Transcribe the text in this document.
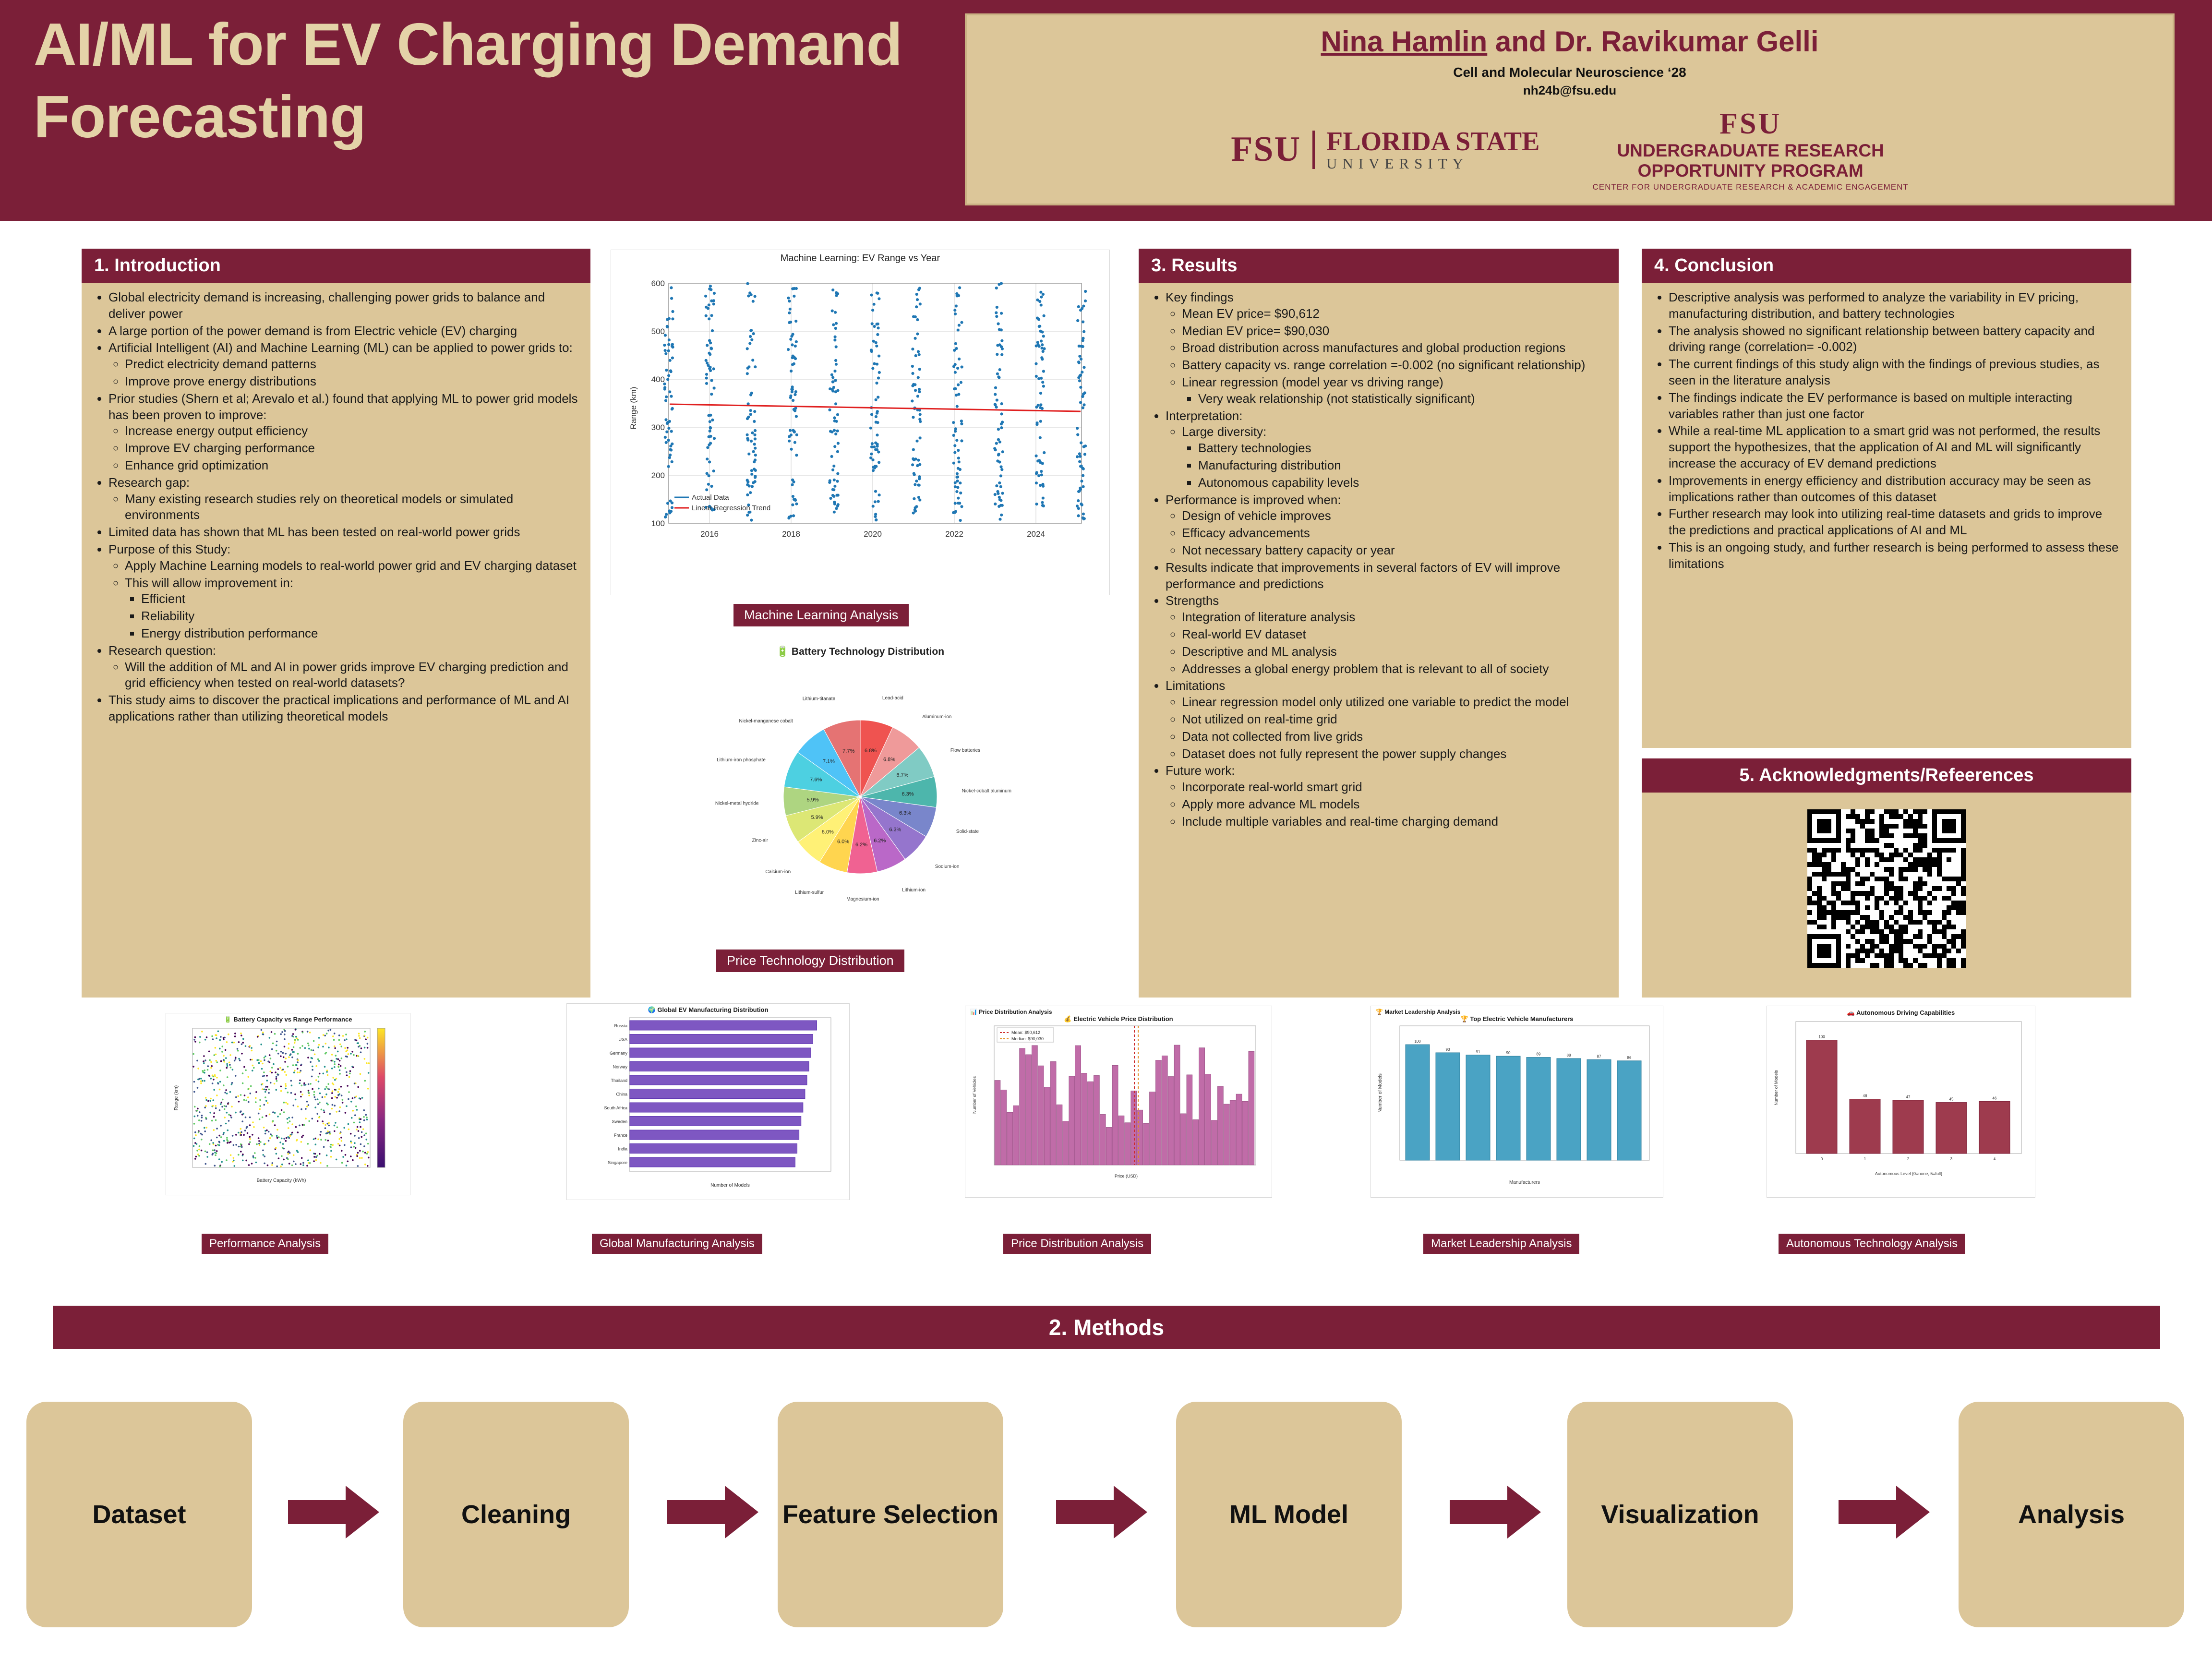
AI/ML for EV Charging Demand Forecasting
Nina Hamlin and Dr. Ravikumar Gelli
Cell and Molecular Neuroscience ‘28
nh24b@fsu.edu
FSU FLORIDA STATE
UNIVERSITY
FSU
UNDERGRADUATE RESEARCH
OPPORTUNITY PROGRAM
CENTER FOR UNDERGRADUATE RESEARCH & ACADEMIC ENGAGEMENT
1. Introduction
• Global electricity demand is increasing, challenging power grids to balance and deliver power
• A large portion of the power demand is from Electric vehicle (EV) charging
• Artificial Intelligent (AI) and Machine Learning (ML) can be applied to power grids to:
◦ Predict electricity demand patterns
◦ Improve prove energy distributions
• Prior studies (Shern et al; Arevalo et al.) found that applying ML to power grid models has been proven to improve:
◦ Increase energy output efficiency
◦ Improve EV charging performance
◦ Enhance grid optimization
• Research gap:
◦ Many existing research studies rely on theoretical models or simulated environments
• Limited data has shown that ML has been tested on real-world power grids
• Purpose of this Study:
◦ Apply Machine Learning models to real-world power grid and EV charging dataset
◦ This will allow improvement in:
▪ Efficient
▪ Reliability
▪ Energy distribution performance
• Research question:
◦ Will the addition of ML and AI in power grids improve EV charging prediction and grid efficiency when tested on real-world datasets?
• This study aims to discover the practical implications and performance of ML and AI applications rather than utilizing theoretical models
Machine Learning: EV Range vs Year
600
500
400
300
200
100
2016	2018	2020	2022	2024
Range (km)
Actual Data
Linear Regression Trend
Machine Learning Analysis
🔋 Battery Technology Distribution
6.8%
Lead-acid
6.8%
Aluminum-ion
6.7%
Flow batteries
6.3%
Nickel-cobalt aluminum
6.3%
Solid-state
6.3%
Sodium-ion
6.2%
Lithium-ion
6.2%
Magnesium-ion
6.0%
Lithium-sulfur
6.0%
Calcium-ion
5.9%
Zinc-air
5.9%
Nickel-metal hydride
7.6%
Lithium-iron phosphate	7.1%
Nickel-manganese cobalt
7.7%
Lithium-titanate
Price Technology Distribution
3. Results
• Key findings
◦ Mean EV price= $90,612
◦ Median EV price= $90,030
◦ Broad distribution across manufactures and global production regions
◦ Battery capacity vs. range correlation =-0.002 (no significant relationship)
◦ Linear regression (model year vs driving range)
▪ Very weak relationship (not statistically significant)
• Interpretation:
◦ Large diversity:
▪ Battery technologies
▪ Manufacturing distribution
▪ Autonomous capability levels
• Performance is improved when:
◦ Design of vehicle improves
◦ Efficacy advancements
◦ Not necessary battery capacity or year
• Results indicate that improvements in several factors of EV will improve performance and predictions
• Strengths
◦ Integration of literature analysis
◦ Real-world EV dataset
◦ Descriptive and ML analysis
◦ Addresses a global energy problem that is relevant to all of society
• Limitations
◦ Linear regression model only utilized one variable to predict the model
◦ Not utilized on real-time grid
◦ Data not collected from live grids
◦ Dataset does not fully represent the power supply changes
• Future work:
◦ Incorporate real-world smart grid
◦ Apply more advance ML models
◦ Include multiple variables and real-time charging demand
4. Conclusion
• Descriptive analysis was performed to analyze the variability in EV pricing, manufacturing distribution, and battery technologies
• The analysis showed no significant relationship between battery capacity and driving range (correlation= -0.002)
• The current findings of this study align with the findings of previous studies, as seen in the literature analysis
• The findings indicate the EV performance is based on multiple interacting variables rather than just one factor
• While a real-time ML application to a smart grid was not performed, the results support the hypothesizes, that the application of AI and ML will significantly increase the accuracy of EV demand predictions
• Improvements in energy efficiency and distribution accuracy may be seen as implications rather than outcomes of this dataset
• Further research may look into utilizing real-time datasets and grids to improve the predictions and practical applications of AI and ML
• This is an ongoing study, and further research is being performed to assess these limitations
5. Acknowledgments/Refeerences
🔋 Battery Capacity vs Range Performance
Battery Capacity (kWh)
Range (km)
Performance Analysis
🌍 Global EV Manufacturing Distribution
Russia
USA
Germany
Norway
Thailand
China
South Africa
Sweden
France
India
Singapore
Number of Models
Global Manufacturing Analysis
📊 Price Distribution Analysis
💰 Electric Vehicle Price Distribution
Mean: $90,612
Median: $90,030
Price (USD)
Number of Vehicles
Price Distribution Analysis
🏆 Market Leadership Analysis
🏆 Top Electric Vehicle Manufacturers
100
93
91	90	89	88	87	86
Manufacturers
Number of Models
Market Leadership Analysis
🚗 Autonomous Driving Capabilities
100
0
48
1
47
2
45
3
46
4
Autonomous Level (0=none, 5=full)
Number of Models
Autonomous Technology Analysis
2. Methods
Dataset	Cleaning	Feature Selection	ML Model	Visualization	Analysis
